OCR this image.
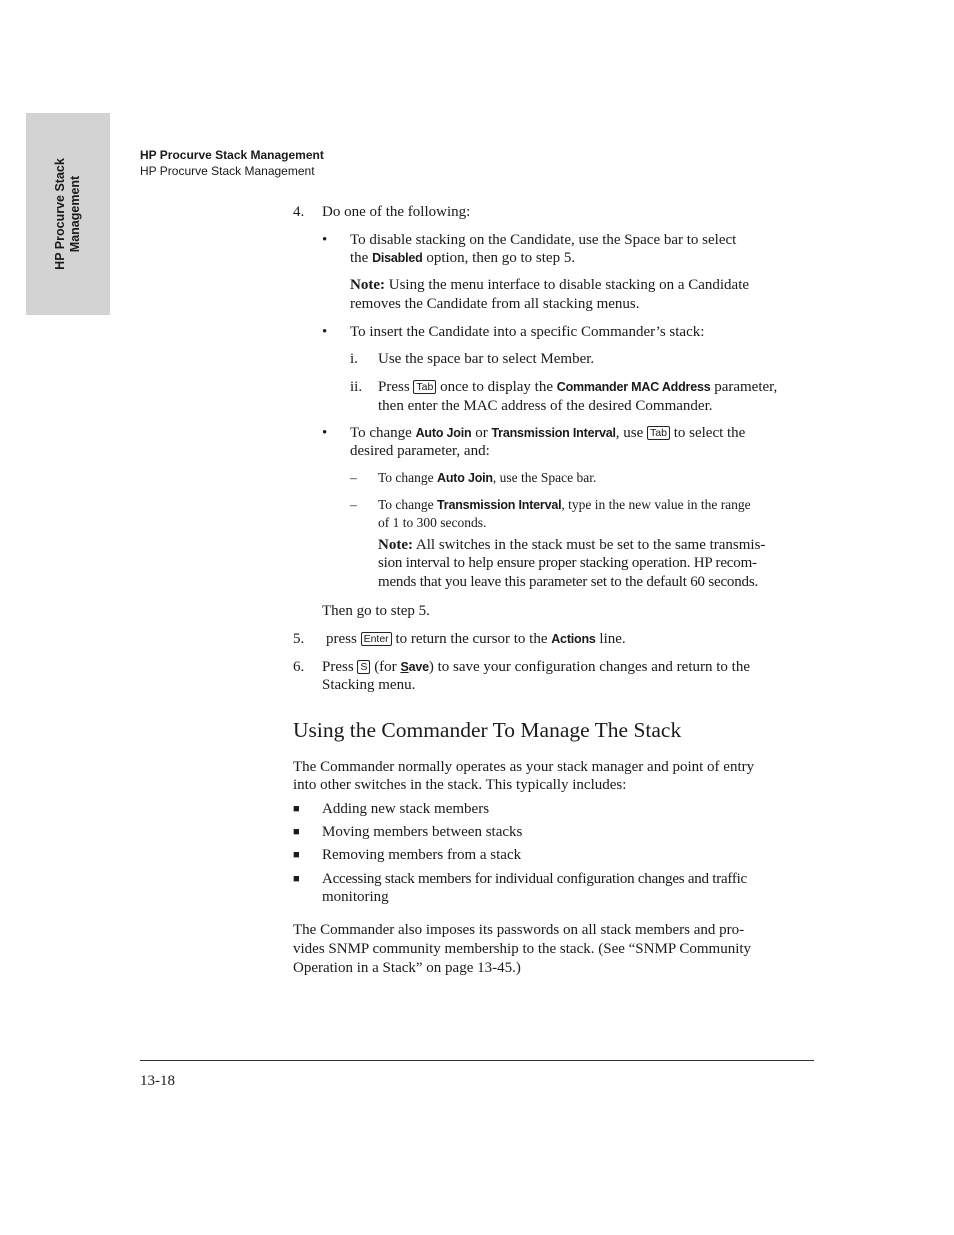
HP Procurve Stack Management
HP Procurve Stack Management
HP Procurve Stack Management
4. Do one of the following:
• To disable stacking on the Candidate, use the Space bar to select
the Disabled option, then go to step 5.
Note: Using the menu interface to disable stacking on a Candidate
removes the Candidate from all stacking menus.
• To insert the Candidate into a specific Commander’s stack:
i. Use the space bar to select Member.
ii. Press Tab once to display the Commander MAC Address parameter,
then enter the MAC address of the desired Commander.
• To change Auto Join or Transmission Interval, use Tab to select the
desired parameter, and:
– To change Auto Join, use the Space bar.
– To change Transmission Interval, type in the new value in the range
of 1 to 300 seconds.
Note: All switches in the stack must be set to the same transmis-
sion interval to help ensure proper stacking operation. HP recom-
mends that you leave this parameter set to the default 60 seconds.
Then go to step 5.
5. press Enter to return the cursor to the Actions line.
6. Press S (for Save) to save your configuration changes and return to the
Stacking menu.
Using the Commander To Manage The Stack
The Commander normally operates as your stack manager and point of entry
into other switches in the stack. This typically includes:
■ Adding new stack members
■ Moving members between stacks
■ Removing members from a stack
■ Accessing stack members for individual configuration changes and traffic
monitoring
The Commander also imposes its passwords on all stack members and pro-
vides SNMP community membership to the stack. (See “SNMP Community
Operation in a Stack” on page 13-45.)
13-18
